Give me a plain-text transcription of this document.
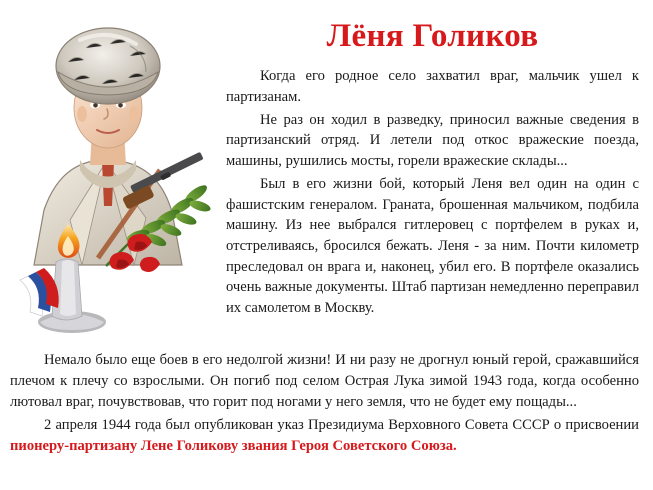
Лёня Голиков

Когда его родное село захватил враг, мальчик ушел к партизанам.

Не раз он ходил в разведку, приносил важные сведения в партизанский отряд. И летели под откос вражеские поезда, машины, рушились мосты, горели вражеские склады...

Был в его жизни бой, который Леня вел один на один с фашистским генералом. Граната, брошенная мальчиком, подбила машину. Из нее выбрался гитлеровец с портфелем в руках и, отстреливаясь, бросился бежать. Леня - за ним. Почти километр преследовал он врага и, наконец, убил его. В портфеле оказались очень важные документы. Штаб партизан немедленно переправил их самолетом в Москву.

Немало было еще боев в его недолгой жизни! И ни разу не дрогнул юный герой, сражавшийся плечом к плечу со взрослыми. Он погиб под селом Острая Лука зимой 1943 года, когда особенно лютовал враг, почувствовав, что горит под ногами у него земля, что не будет ему пощады...

2 апреля 1944 года был опубликован указ Президиума Верховного Совета СССР о присвоении пионеру-партизану Лене Голикову звания Героя Советского Союза.
